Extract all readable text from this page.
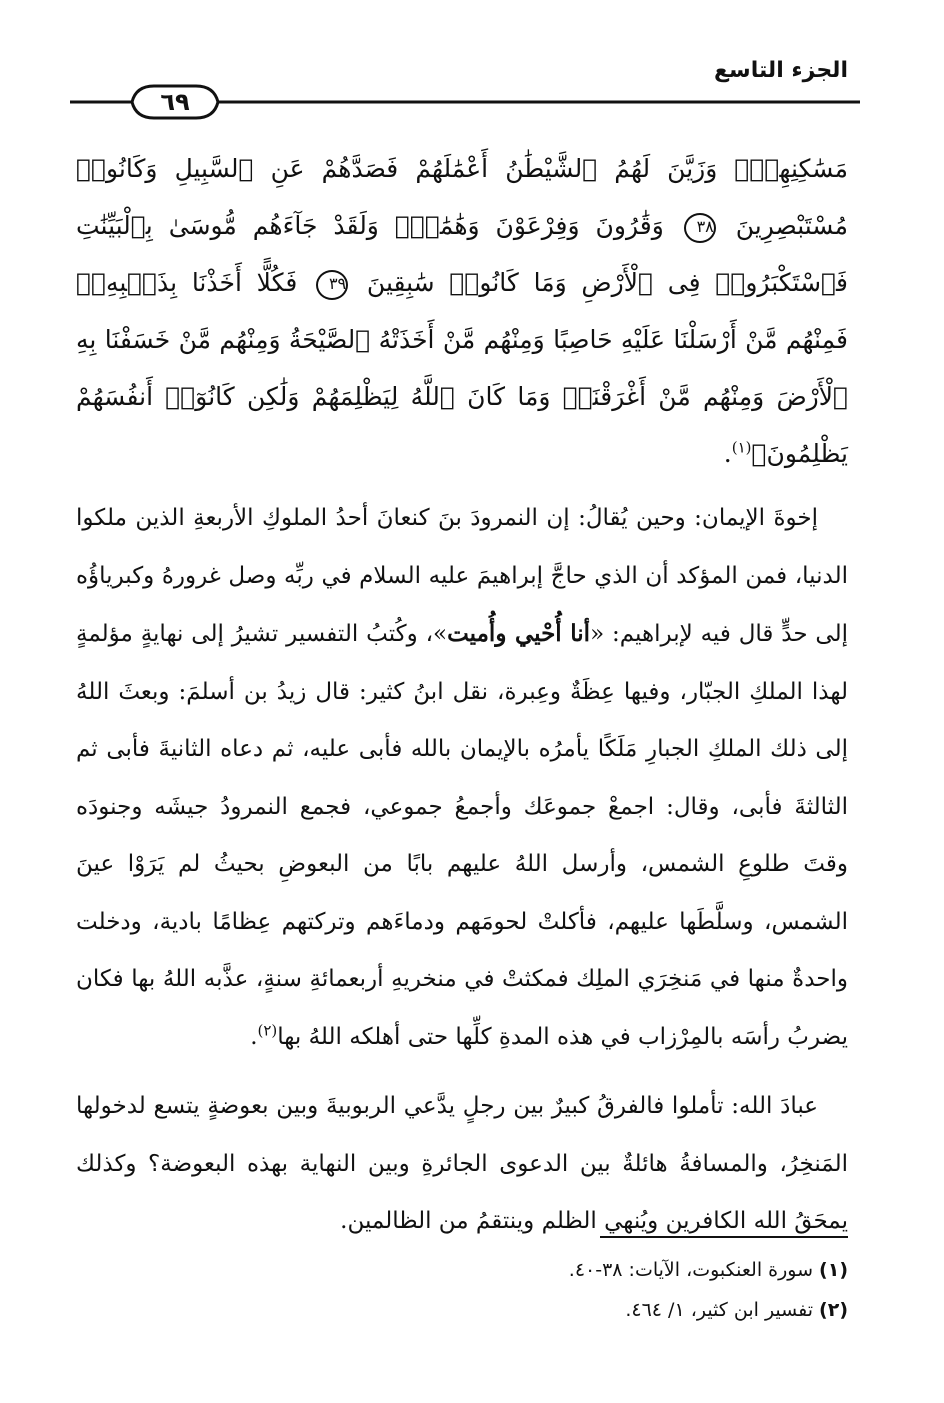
الجزء التاسع
٦٩

مَسَٰكِنِهِمْۖ وَزَيَّنَ لَهُمُ ٱلشَّيْطَٰنُ أَعْمَٰلَهُمْ فَصَدَّهُمْ عَنِ ٱلسَّبِيلِ وَكَانُوا۟ مُسْتَبْصِرِينَ ٣٨ وَقَٰرُونَ وَفِرْعَوْنَ وَهَٰمَٰنَۖ وَلَقَدْ جَآءَهُم مُّوسَىٰ بِٱلْبَيِّنَٰتِ فَٱسْتَكْبَرُوا۟ فِى ٱلْأَرْضِ وَمَا كَانُوا۟ سَٰبِقِينَ ٣٩ فَكُلًّا أَخَذْنَا بِذَنۢبِهِۦۖ فَمِنْهُم مَّنْ أَرْسَلْنَا عَلَيْهِ حَاصِبًا وَمِنْهُم مَّنْ أَخَذَتْهُ ٱلصَّيْحَةُ وَمِنْهُم مَّنْ خَسَفْنَا بِهِ ٱلْأَرْضَ وَمِنْهُم مَّنْ أَغْرَقْنَاۚ وَمَا كَانَ ٱللَّهُ لِيَظْلِمَهُمْ وَلَٰكِن كَانُوٓا۟ أَنفُسَهُمْ يَظْلِمُونَ﴾$^{(١)}$.

إخوةَ الإيمان: وحين يُقالُ: إن النمرودَ بنَ كنعانَ أحدُ الملوكِ الأربعةِ الذين ملكوا الدنيا، فمن المؤكد أن الذي حاجَّ إبراهيمَ عليه السلام في ربِّه وصل غرورهُ وكبرياؤُه إلى حدٍّ قال فيه لإبراهيم: «أنا أُحْيي وأُميت»، وكُتبُ التفسير تشيرُ إلى نهايةٍ مؤلمةٍ لهذا الملكِ الجبّار، وفيها عِظَةٌ وعِبرة، نقل ابنُ كثير: قال زيدُ بن أسلمَ: وبعثَ اللهُ إلى ذلك الملكِ الجبارِ مَلَكًا يأمرُه بالإيمان بالله فأبى عليه، ثم دعاه الثانيةَ فأبى ثم الثالثةَ فأبى، وقال: اجمعْ جموعَك وأجمعُ جموعي، فجمع النمرودُ جيشَه وجنودَه وقتَ طلوعِ الشمس، وأرسل اللهُ عليهم بابًا من البعوضِ بحيثُ لم يَرَوْا عينَ الشمس، وسلَّطَها عليهم، فأكلتْ لحومَهم ودماءَهم وتركتهم عِظامًا بادية، ودخلت واحدةٌ منها في مَنخِرَي الملِك فمكثتْ في منخريهِ أربعمائةِ سنةٍ، عذَّبه اللهُ بها فكان يضربُ رأسَه بالمِرْزاب في هذه المدةِ كلِّها حتى أهلكه اللهُ بها$^{(٢)}$.

عبادَ الله: تأملوا فالفرقُ كبيرٌ بين رجلٍ يدَّعي الربوبيةَ وبين بعوضةٍ يتسع لدخولها المَنخِرُ، والمسافةُ هائلةٌ بين الدعوى الجائرةِ وبين النهاية بهذه البعوضة؟ وكذلك يمحَقُ الله الكافرين ويُنهي الظلم وينتقمُ من الظالمين.

(١)سورة العنكبوت، الآيات: ٣٨-٤٠.

(٢)تفسير ابن كثير، ١/ ٤٦٤.
